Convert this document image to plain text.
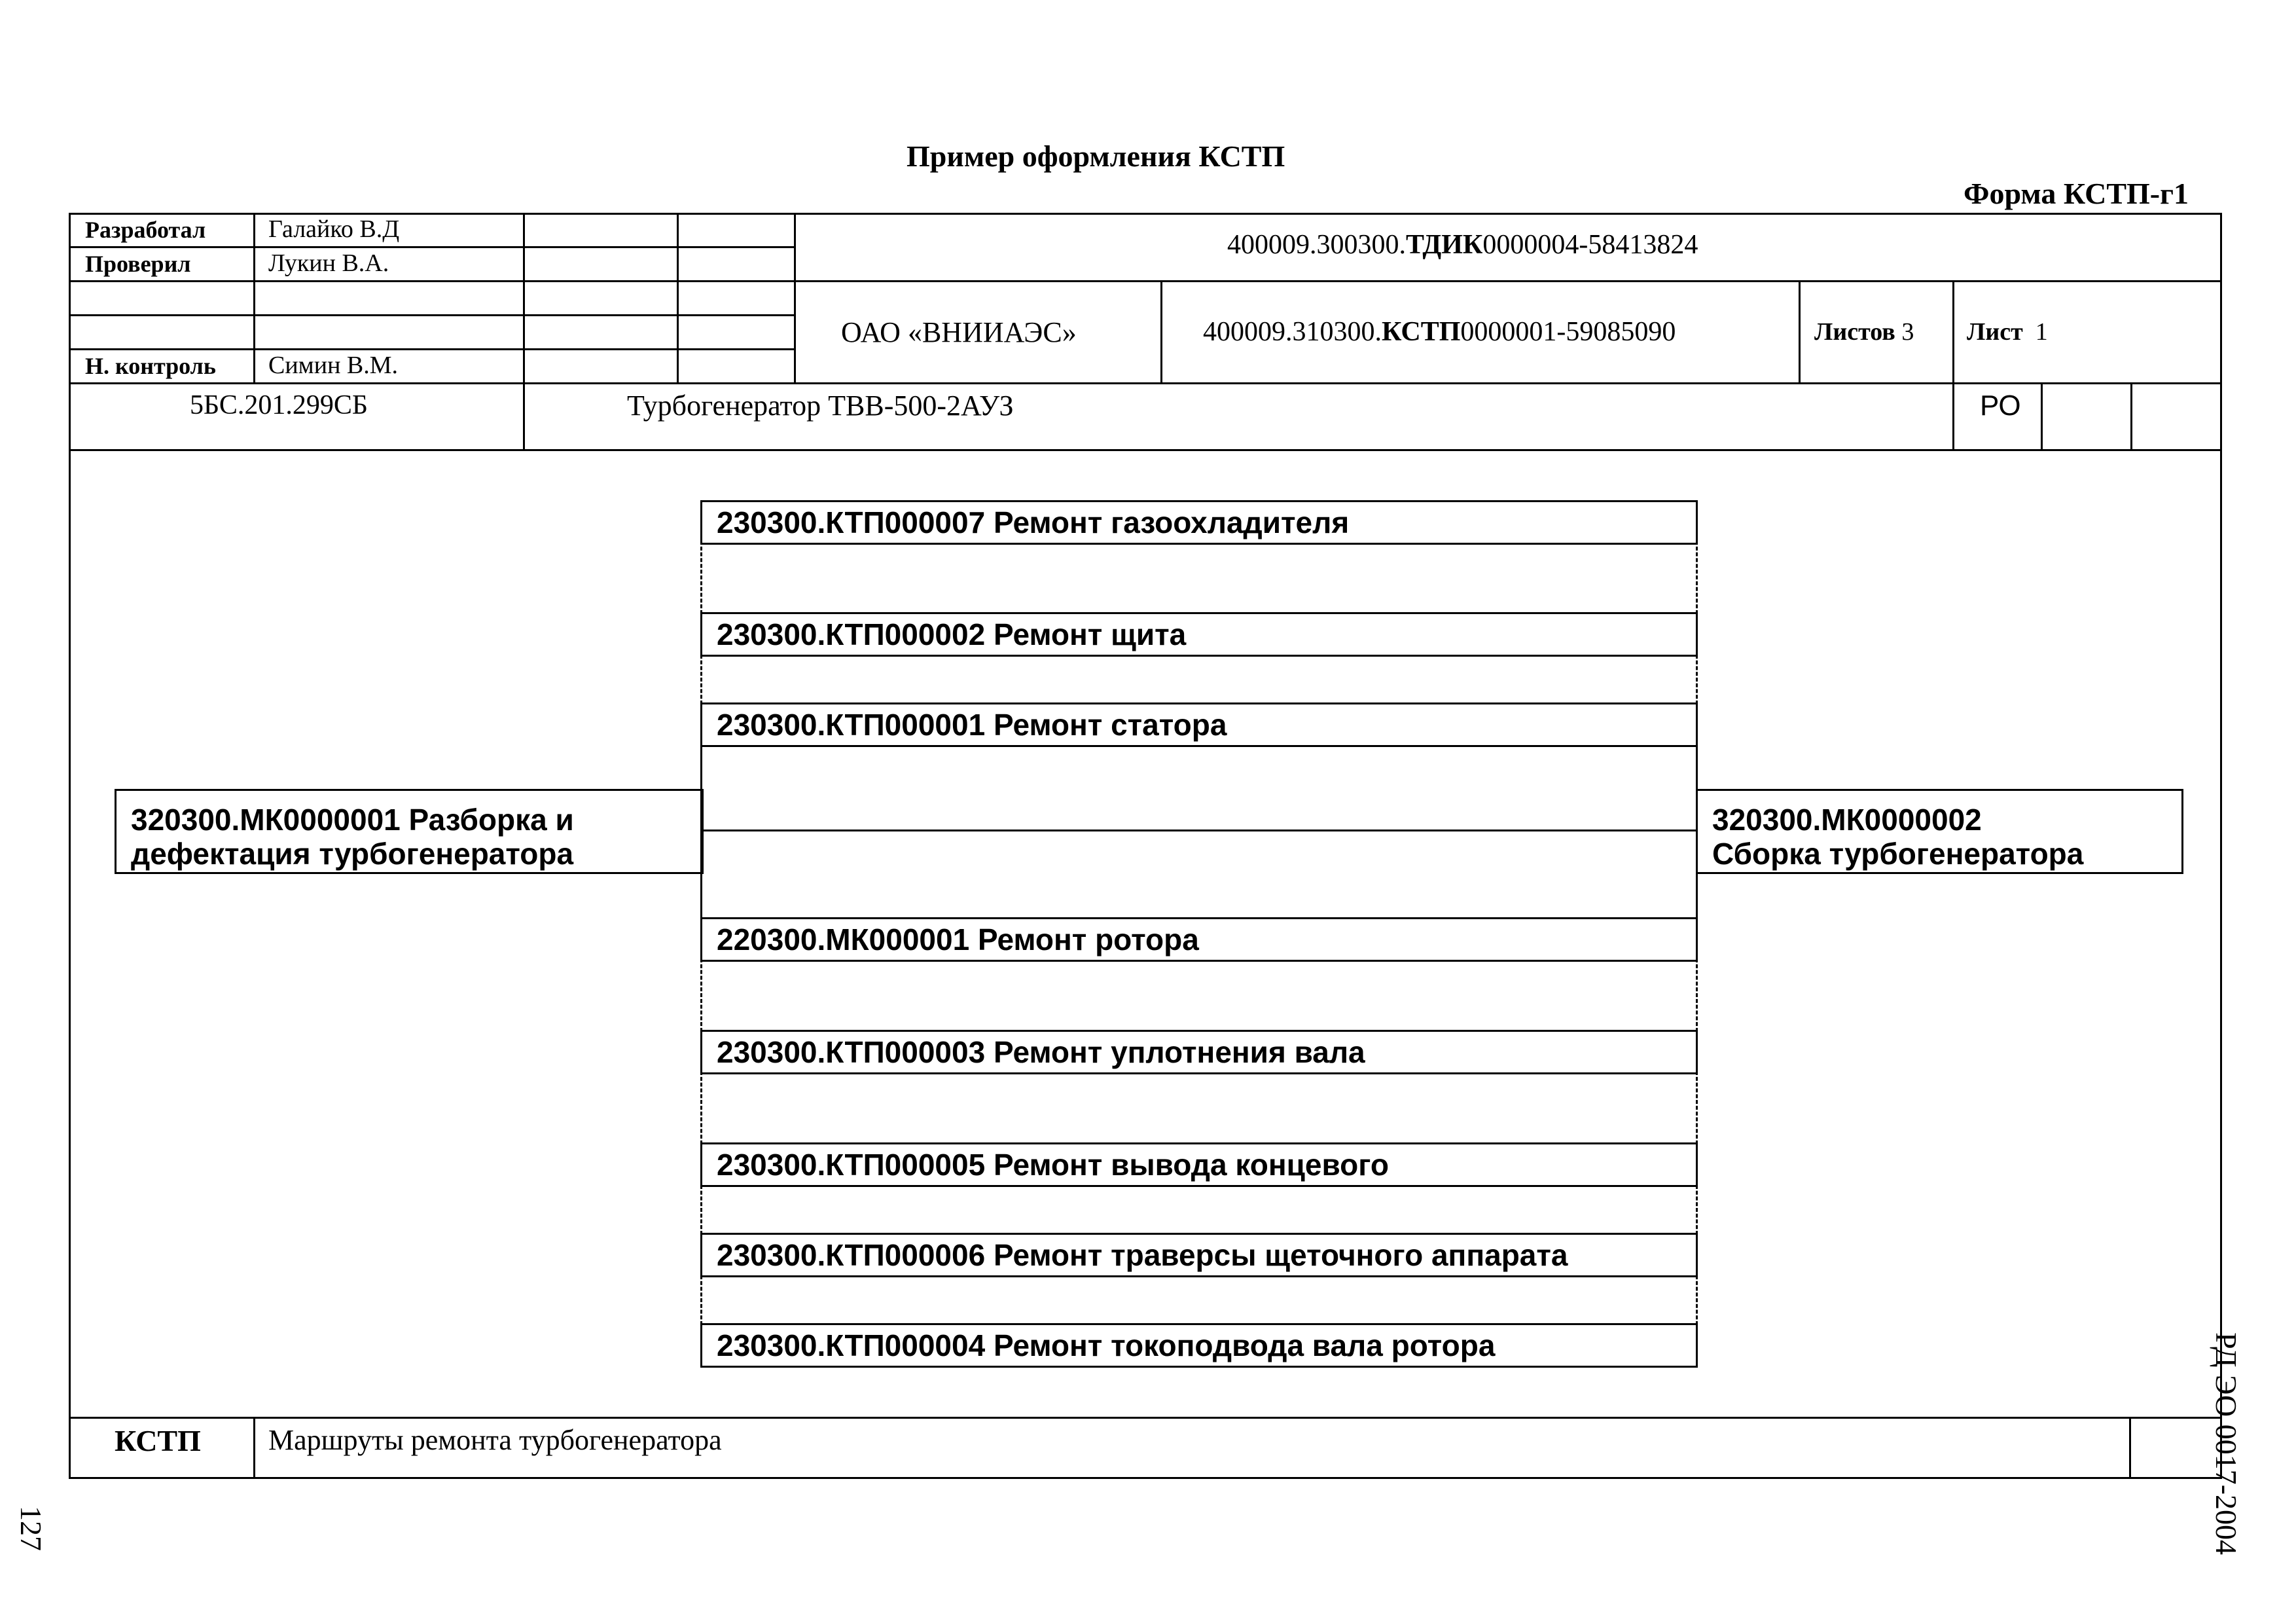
Пример оформления КСТП
Форма КСТП-г1
Разработал	Галайко В.Д
Проверил	Лукин В.А.
Н. контроль Симин В.М.
400009.300300.ТДИК0000004-58413824
ОАО «ВНИИАЭС»	400009.310300.КСТП0000001-59085090	Листов 3 Лист 1
5БС.201.299СБ	Турбогенератор ТВВ-500-2АУЗ	РО
320300.МК0000001 Разборка и
дефектация турбогенератора
320300.МК0000002
Сборка турбогенератора
230300.КТП000007 Ремонт газоохладителя
230300.КТП000002 Ремонт щита
230300.КТП000001 Ремонт статора
220300.МК000001 Ремонт ротора
230300.КТП000003 Ремонт уплотнения вала
230300.КТП000005 Ремонт вывода концевого
230300.КТП000006 Ремонт траверсы щеточного аппарата
230300.КТП000004 Ремонт токоподвода вала ротора
КСТП Маршруты ремонта турбогенератора	РД ЭО 0017-2004
127
